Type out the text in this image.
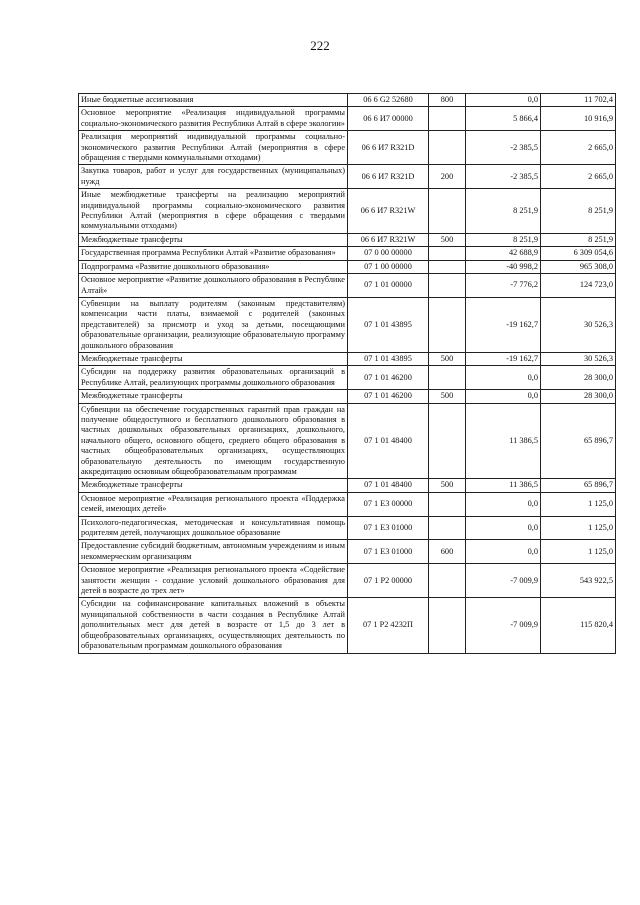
222
Иные бюджетные ассигнования	06 6 G2 52680	800	0,0	11 702,4
Основное мероприятие «Реализация индивидуальной программы социально-экономического развития Республики Алтай в сфере экологии»	06 6 И7 00000		5 866,4	10 916,9
Реализация мероприятий индивидуальной программы социально-экономического развития Республики Алтай (мероприятия в сфере обращения с твердыми коммунальными отходами)	06 6 И7 R321D		-2 385,5	2 665,0
Закупка товаров, работ и услуг для государственных (муниципальных) нужд	06 6 И7 R321D	200	-2 385,5	2 665,0
Иные межбюджетные трансферты на реализацию мероприятий индивидуальной программы социально-экономического развития Республики Алтай (мероприятия в сфере обращения с твердыми коммунальными отходами)	06 6 И7 R321W		8 251,9	8 251,9
Межбюджетные трансферты	06 6 И7 R321W	500	8 251,9	8 251,9
Государственная программа Республики Алтай «Развитие образования»	07 0 00 00000		42 688,9	6 309 054,6
Подпрограмма «Развитие дошкольного образования»	07 1 00 00000		-40 998,2	965 308,0
Основное мероприятие «Развитие дошкольного образования в Республике Алтай»	07 1 01 00000		-7 776,2	124 723,0
Субвенции на выплату родителям (законным представителям) компенсации части платы, взимаемой с родителей (законных представителей) за присмотр и уход за детьми, посещающими образовательные организации, реализующие образовательную программу дошкольного образования	07 1 01 43895		-19 162,7	30 526,3
Межбюджетные трансферты	07 1 01 43895	500	-19 162,7	30 526,3
Субсидии на поддержку развития образовательных организаций в Республике Алтай, реализующих программы дошкольного образования	07 1 01 46200		0,0	28 300,0
Межбюджетные трансферты	07 1 01 46200	500	0,0	28 300,0
Субвенции на обеспечение государственных гарантий прав граждан на получение общедоступного и бесплатного дошкольного образования в частных дошкольных образовательных организациях, дошкольного, начального общего, основного общего, среднего общего образования в частных общеобразовательных организациях, осуществляющих образовательную деятельность по имеющим государственную аккредитацию основным общеобразовательным программам	07 1 01 48400		11 386,5	65 896,7
Межбюджетные трансферты	07 1 01 48400	500	11 386,5	65 896,7
Основное мероприятие «Реализация регионального проекта «Поддержка семей, имеющих детей»	07 1 E3 00000		0,0	1 125,0
Психолого-педагогическая, методическая и консультативная помощь родителям детей, получающих дошкольное образование	07 1 E3 01000		0,0	1 125,0
Предоставление субсидий бюджетным, автономным учреждениям и иным некоммерческим организациям	07 1 E3 01000	600	0,0	1 125,0
Основное мероприятие «Реализация регионального проекта «Содействие занятости женщин - создание условий дошкольного образования для детей в возрасте до трех лет»	07 1 P2 00000		-7 009,9	543 922,5
Субсидии на софинансирование капитальных вложений в объекты муниципальной собственности в части создания в Республике Алтай дополнительных мест для детей в возрасте от 1,5 до 3 лет в общеобразовательных организациях, осуществляющих деятельность по образовательным программам дошкольного образования	07 1 P2 4232П		-7 009,9	115 820,4
